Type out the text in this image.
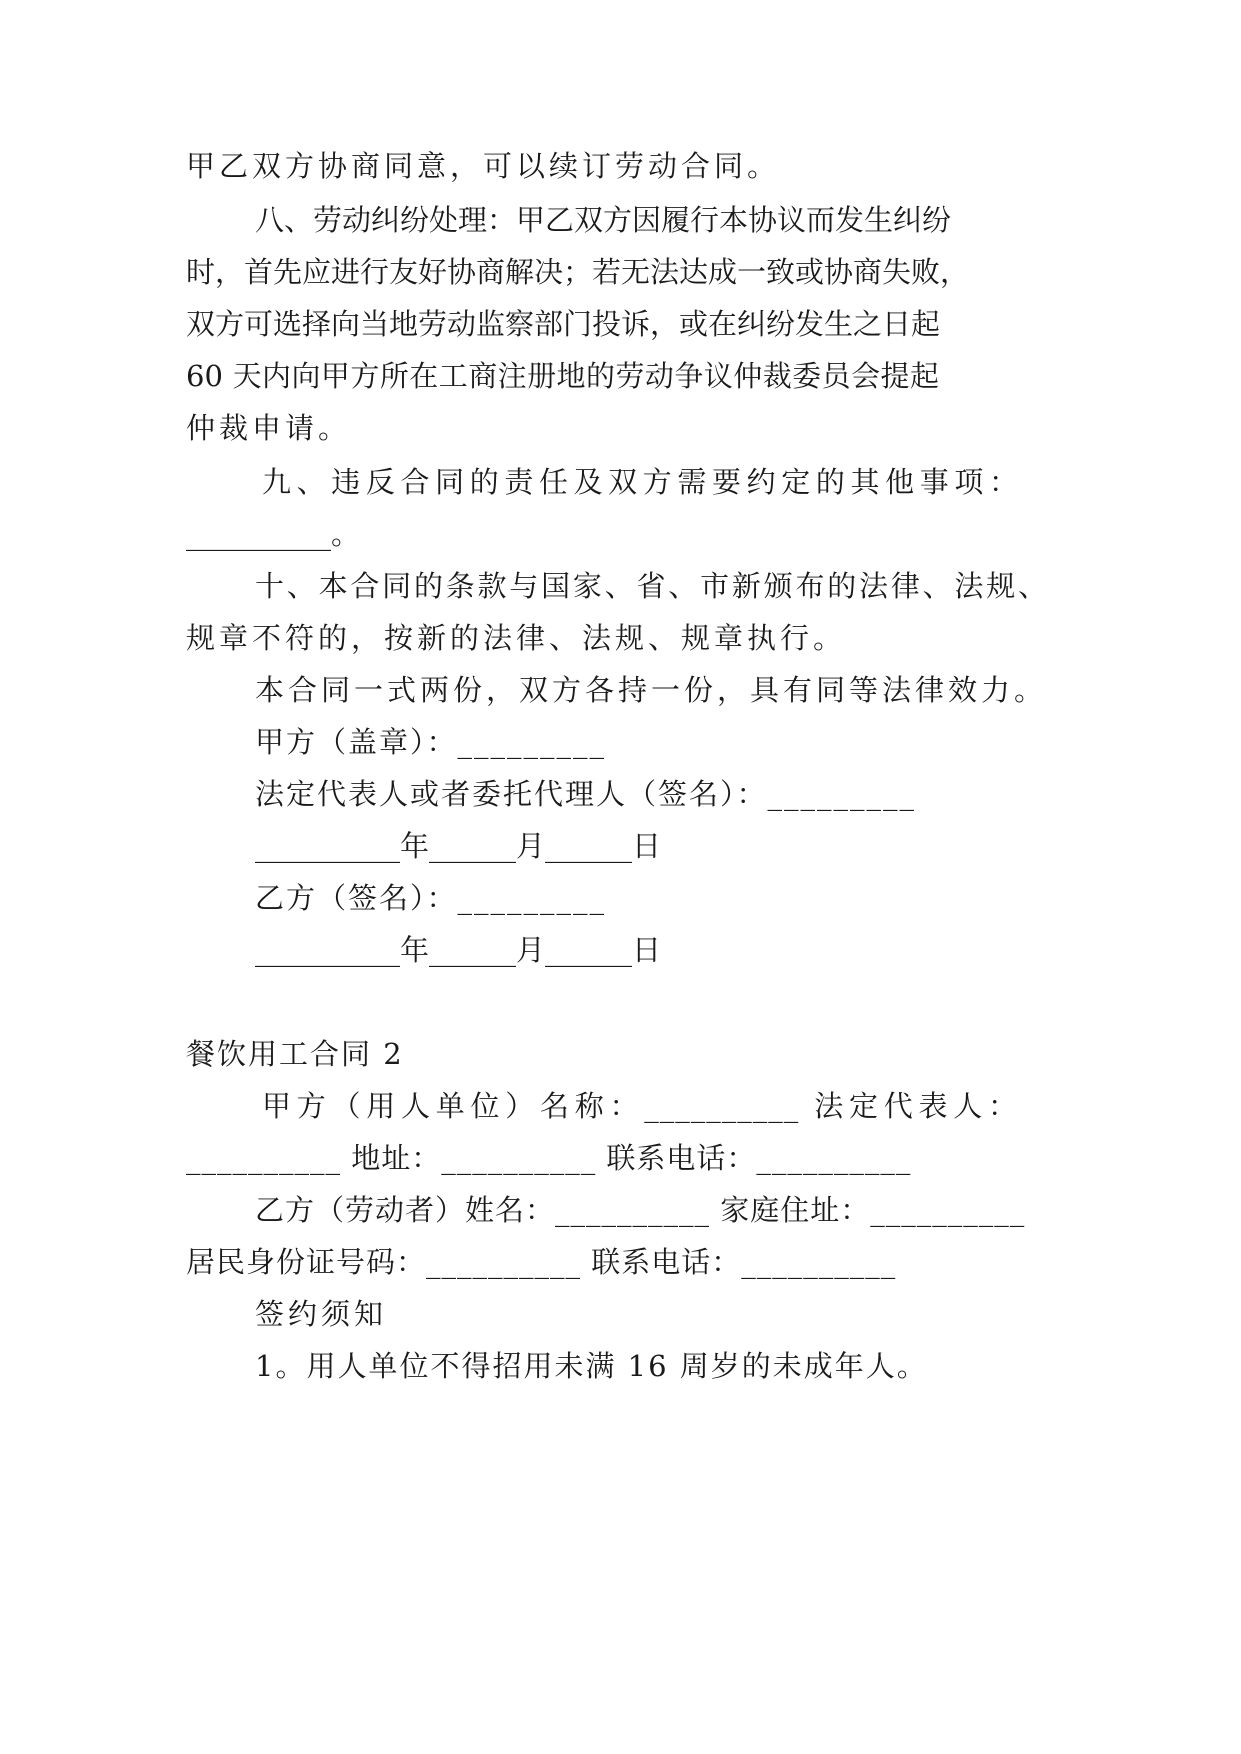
甲乙双方协商同意，可以续订劳动合同。
八、劳动纠纷处理：甲乙双方因履行本协议而发生纠纷
时，首先应进行友好协商解决；若无法达成一致或协商失败，
双方可选择向当地劳动监察部门投诉，或在纠纷发生之日起
60 天内向甲方所在工商注册地的劳动争议仲裁委员会提起
仲裁申请。
九、违反合同的责任及双方需要约定的其他事项：
__________。
十、本合同的条款与国家、省、市新颁布的法律、法规、
规章不符的，按新的法律、法规、规章执行。
本合同一式两份，双方各持一份，具有同等法律效力。
甲方（盖章）：_________
法定代表人或者委托代理人（签名）：_________
__________年______月______日
乙方（签名）：_________
__________年______月______日
餐饮用工合同 2
甲方（用人单位）名称：__________ 法定代表人：
__________ 地址：__________ 联系电话：__________
乙方（劳动者）姓名：__________ 家庭住址：__________
居民身份证号码：__________ 联系电话：__________
签约须知
1。用人单位不得招用未满 16 周岁的未成年人。
